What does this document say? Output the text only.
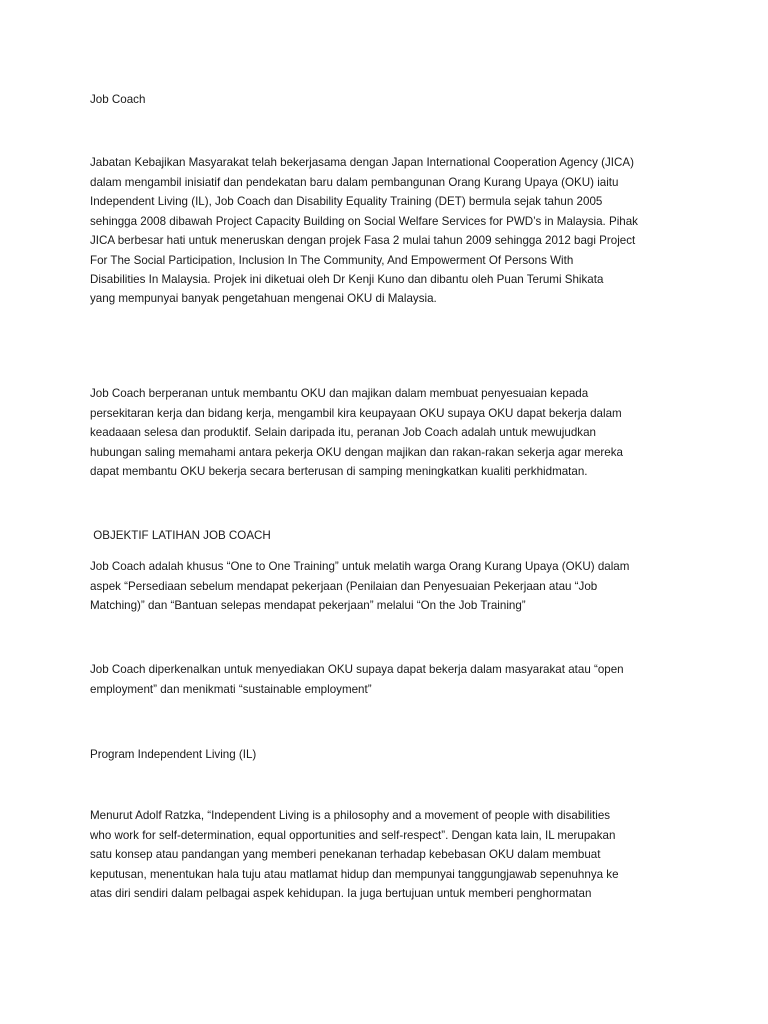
Job Coach
Jabatan Kebajikan Masyarakat telah bekerjasama dengan Japan International Cooperation Agency (JICA)
dalam mengambil inisiatif dan pendekatan baru dalam pembangunan Orang Kurang Upaya (OKU) iaitu
Independent Living (IL), Job Coach dan Disability Equality Training (DET) bermula sejak tahun 2005
sehingga 2008 dibawah Project Capacity Building on Social Welfare Services for PWD’s in Malaysia. Pihak
JICA berbesar hati untuk meneruskan dengan projek Fasa 2 mulai tahun 2009 sehingga 2012 bagi Project
For The Social Participation, Inclusion In The Community, And Empowerment Of Persons With
Disabilities In Malaysia. Projek ini diketuai oleh Dr Kenji Kuno dan dibantu oleh Puan Terumi Shikata
yang mempunyai banyak pengetahuan mengenai OKU di Malaysia.
Job Coach berperanan untuk membantu OKU dan majikan dalam membuat penyesuaian kepada
persekitaran kerja dan bidang kerja, mengambil kira keupayaan OKU supaya OKU dapat bekerja dalam
keadaaan selesa dan produktif. Selain daripada itu, peranan Job Coach adalah untuk mewujudkan
hubungan saling memahami antara pekerja OKU dengan majikan dan rakan-rakan sekerja agar mereka
dapat membantu OKU bekerja secara berterusan di samping meningkatkan kualiti perkhidmatan.
OBJEKTIF LATIHAN JOB COACH
Job Coach adalah khusus “One to One Training” untuk melatih warga Orang Kurang Upaya (OKU) dalam
aspek “Persediaan sebelum mendapat pekerjaan (Penilaian dan Penyesuaian Pekerjaan atau “Job
Matching)” dan “Bantuan selepas mendapat pekerjaan” melalui “On the Job Training”
Job Coach diperkenalkan untuk menyediakan OKU supaya dapat bekerja dalam masyarakat atau “open
employment” dan menikmati “sustainable employment”
Program Independent Living (IL)
Menurut Adolf Ratzka, “Independent Living is a philosophy and a movement of people with disabilities
who work for self-determination, equal opportunities and self-respect”. Dengan kata lain, IL merupakan
satu konsep atau pandangan yang memberi penekanan terhadap kebebasan OKU dalam membuat
keputusan, menentukan hala tuju atau matlamat hidup dan mempunyai tanggungjawab sepenuhnya ke
atas diri sendiri dalam pelbagai aspek kehidupan. Ia juga bertujuan untuk memberi penghormatan
